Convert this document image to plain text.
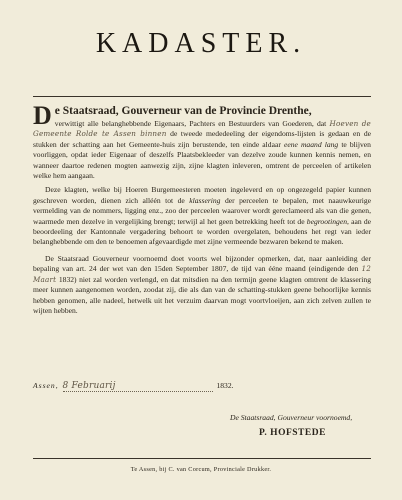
KADASTER.
D e Staatsraad, Gouverneur van de Provincie Drenthe,
verwittigt alle belanghebbende Eigenaars, Pachters en Bestuurders van Goederen, dat Hoeven de Gemeente Rolde te Assen binnen de tweede mededeeling der eigendoms-lijsten is gedaan en de stukken der schatting aan het Gemeente-huis zijn berustende, ten einde aldaar eene maand lang te blijven voorliggen, opdat ieder Eigenaar of deszelfs Plaatsbekleeder van dezelve zoude kunnen kennis nemen, en wanneer daartoe redenen mogten aanwezig zijn, zijne klagten inleveren, omtrent de perceelen of artikelen welke hem aangaan.

Deze klagten, welke bij Hoeren Burgemeesteren moeten ingeleverd en op ongezegeld papier kunnen geschreven worden, dienen zich alléén tot de klassering der perceelen te bepalen, met naauwkeurige vermelding van de nommers, ligging enz., zoo der perceelen waarover wordt gereclameerd als van die genen, waarmede men dezelve in vergelijking brengt; terwijl al het geen betrekking heeft tot de begrootingen, aan de beoordeeling der Kantonnale vergadering behoort te worden overgelaten, behoudens het regt van ieder belanghebbende om den te benoemen afgevaardigde met zijne vermeende bezwaren bekend te maken.

De Staatsraad Gouverneur voornoemd doet voorts wel bijzonder opmerken, dat, naar aanleiding der bepaling van art. 24 der wet van den 15den September 1807, de tijd van ééne maand (eindigende den 12 Maart 1832) niet zal worden verlengd, en dat mitsdien na den termijn geene klagten omtrent de klassering meer kunnen aangenomen worden, zoodat zij, die als dan van de schatting-stukken geene behoorlijke kennis hebben genomen, alle nadeel, hetwelk uit het verzuim daarvan mogt voortvloeijen, aan zich zelven zullen te wijten hebben.

Assen, 8 Februarij	1832.
De Staatsraad, Gouverneur voornoemd,
P. HOFSTEDE
Te Assen, bij C. van Corcum, Provinciale Drukker.
